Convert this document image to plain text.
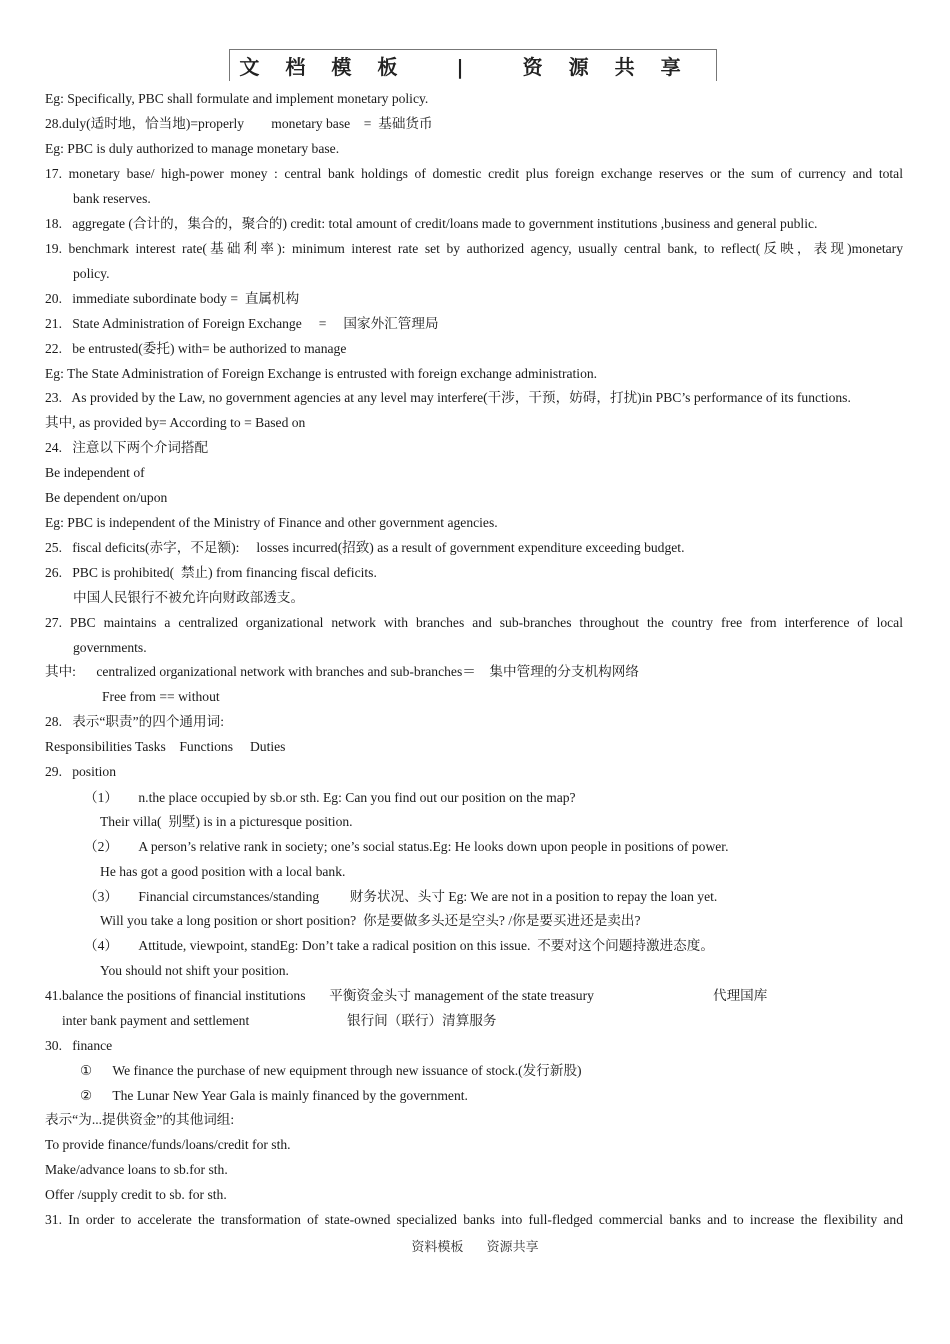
文档模板 | 资源共享
Eg: Specifically, PBC shall formulate and implement monetary policy.
28.duly(适时地，恰当地)=properly        monetary base    =  基础货币
Eg: PBC is duly authorized to manage monetary base.
17. monetary base/ high-power money : central bank holdings of domestic credit plus foreign exchange reserves or the sum of currency and total
bank reserves.
18.   aggregate (合计的，集合的，聚合的) credit: total amount of credit/loans made to government institutions ,business and general public.
19. benchmark interest rate(基础利率): minimum interest rate set by authorized agency, usually central bank, to reflect(反映，表现)monetary
policy.
20.   immediate subordinate body =  直属机构
21.   State Administration of Foreign Exchange     =     国家外汇管理局
22.   be entrusted(委托) with= be authorized to manage
Eg: The State Administration of Foreign Exchange is entrusted with foreign exchange administration.
23.   As provided by the Law, no government agencies at any level may interfere(干涉，干预，妨碍，打扰)in PBC’s performance of its functions.
其中, as provided by= According to = Based on
24.   注意以下两个介词搭配
Be independent of
Be dependent on/upon
Eg: PBC is independent of the Ministry of Finance and other government agencies.
25.   fiscal deficits(赤字，不足额):     losses incurred(招致) as a result of government expenditure exceeding budget.
26.   PBC is prohibited(  禁止) from financing fiscal deficits.
中国人民银行不被允许向财政部透支。
27. PBC maintains a centralized organizational network with branches and sub-branches throughout the country free from interference of local
governments.
其中:      centralized organizational network with branches and sub-branches＝    集中管理的分支机构网络
Free from == without
28.   表示“职责”的四个通用词:
Responsibilities Tasks    Functions     Duties
29.   position
（1）      n.the place occupied by sb.or sth. Eg: Can you find out our position on the map?
Their villa(  别墅) is in a picturesque position.
（2）      A person’s relative rank in society; one’s social status.Eg: He looks down upon people in positions of power.
He has got a good position with a local bank.
（3）      Financial circumstances/standing         财务状况、头寸 Eg: We are not in a position to repay the loan yet.
Will you take a long position or short position?  你是要做多头还是空头? /你是要买进还是卖出?
（4）      Attitude, viewpoint, standEg: Don’t take a radical position on this issue.  不要对这个问题持激进态度。
You should not shift your position.
41.balance the positions of financial institutions       平衡资金头寸 management of the state treasury	代理国库
inter bank payment and settlement	银行间（联行）清算服务
30.   finance
①      We finance the purchase of new equipment through new issuance of stock.(发行新股)
②      The Lunar New Year Gala is mainly financed by the government.
表示“为...提供资金”的其他词组:
To provide finance/funds/loans/credit for sth.
Make/advance loans to sb.for sth.
Offer /supply credit to sb. for sth.
31. In order to accelerate the transformation of state-owned specialized banks into full-fledged commercial banks and to increase the flexibility and
资料模板 资源共享
